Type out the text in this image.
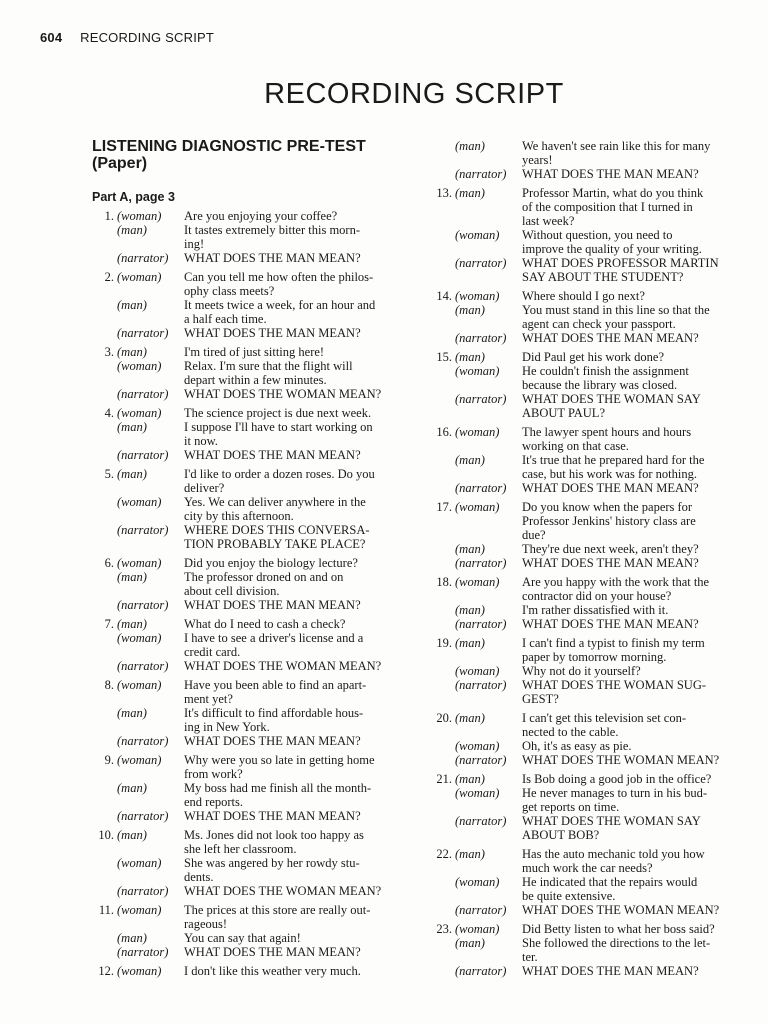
604 RECORDING SCRIPT
RECORDING SCRIPT
LISTENING DIAGNOSTIC PRE-TEST
(Paper)
Part A, page 3
1. (woman)	Are you enjoying your coffee?
(man)	It tastes extremely bitter this morn-
ing!
(narrator)	WHAT DOES THE MAN MEAN?
2. (woman)	Can you tell me how often the philos-
ophy class meets?
(man)	It meets twice a week, for an hour and
a half each time.
(narrator)	WHAT DOES THE MAN MEAN?
3. (man)	I'm tired of just sitting here!
(woman)	Relax. I'm sure that the flight will
depart within a few minutes.
(narrator)	WHAT DOES THE WOMAN MEAN?
4. (woman)	The science project is due next week.
(man)	I suppose I'll have to start working on
it now.
(narrator)	WHAT DOES THE MAN MEAN?
5. (man)	I'd like to order a dozen roses. Do you
deliver?
(woman)	Yes. We can deliver anywhere in the
city by this afternoon.
(narrator)	WHERE DOES THIS CONVERSA-
TION PROBABLY TAKE PLACE?
6. (woman)	Did you enjoy the biology lecture?
(man)	The professor droned on and on
about cell division.
(narrator)	WHAT DOES THE MAN MEAN?
7. (man)	What do I need to cash a check?
(woman)	I have to see a driver's license and a
credit card.
(narrator)	WHAT DOES THE WOMAN MEAN?
8. (woman)	Have you been able to find an apart-
ment yet?
(man)	It's difficult to find affordable hous-
ing in New York.
(narrator)	WHAT DOES THE MAN MEAN?
9. (woman)	Why were you so late in getting home
from work?
(man)	My boss had me finish all the month-
end reports.
(narrator)	WHAT DOES THE MAN MEAN?
10. (man)	Ms. Jones did not look too happy as
she left her classroom.
(woman)	She was angered by her rowdy stu-
dents.
(narrator)	WHAT DOES THE WOMAN MEAN?
11. (woman)	The prices at this store are really out-
rageous!
(man)	You can say that again!
(narrator)	WHAT DOES THE MAN MEAN?
12. (woman)	I don't like this weather very much.
(man)	We haven't see rain like this for many
years!
(narrator)	WHAT DOES THE MAN MEAN?
13. (man)	Professor Martin, what do you think
of the composition that I turned in
last week?
(woman)	Without question, you need to
improve the quality of your writing.
(narrator)	WHAT DOES PROFESSOR MARTIN
SAY ABOUT THE STUDENT?
14. (woman)	Where should I go next?
(man)	You must stand in this line so that the
agent can check your passport.
(narrator)	WHAT DOES THE MAN MEAN?
15. (man)	Did Paul get his work done?
(woman)	He couldn't finish the assignment
because the library was closed.
(narrator)	WHAT DOES THE WOMAN SAY
ABOUT PAUL?
16. (woman)	The lawyer spent hours and hours
working on that case.
(man)	It's true that he prepared hard for the
case, but his work was for nothing.
(narrator)	WHAT DOES THE MAN MEAN?
17. (woman)	Do you know when the papers for
Professor Jenkins' history class are
due?
(man)	They're due next week, aren't they?
(narrator)	WHAT DOES THE MAN MEAN?
18. (woman)	Are you happy with the work that the
contractor did on your house?
(man)	I'm rather dissatisfied with it.
(narrator)	WHAT DOES THE MAN MEAN?
19. (man)	I can't find a typist to finish my term
paper by tomorrow morning.
(woman)	Why not do it yourself?
(narrator)	WHAT DOES THE WOMAN SUG-
GEST?
20. (man)	I can't get this television set con-
nected to the cable.
(woman)	Oh, it's as easy as pie.
(narrator)	WHAT DOES THE WOMAN MEAN?
21. (man)	Is Bob doing a good job in the office?
(woman)	He never manages to turn in his bud-
get reports on time.
(narrator)	WHAT DOES THE WOMAN SAY
ABOUT BOB?
22. (man)	Has the auto mechanic told you how
much work the car needs?
(woman)	He indicated that the repairs would
be quite extensive.
(narrator)	WHAT DOES THE WOMAN MEAN?
23. (woman)	Did Betty listen to what her boss said?
(man)	She followed the directions to the let-
ter.
(narrator)	WHAT DOES THE MAN MEAN?
